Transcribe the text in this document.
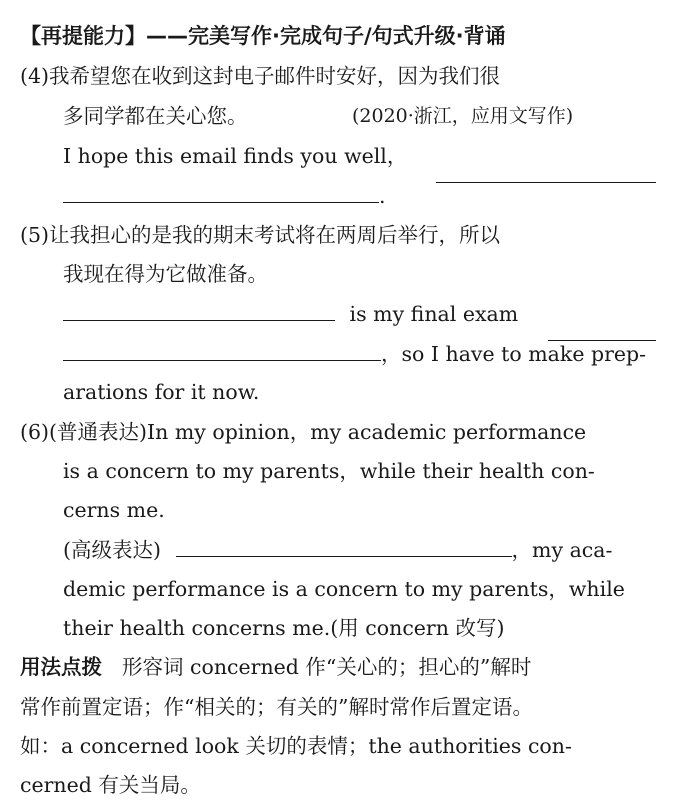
【再提能力】——完美写作·完成句子/句式升级·背诵
(4)我希望您在收到这封电子邮件时安好，因为我们很
多同学都在关心您。	(2020·浙江，应用文写作)
I hope this email finds you well，
.
(5)让我担心的是我的期末考试将在两周后举行，所以
我现在得为它做准备。
is my final exam
，so I have to make prep-
arations for it now.
(6)(普通表达)In my opinion，my academic performance
is a concern to my parents，while their health con-
cerns me.
(高级表达)	，my aca-
demic performance is a concern to my parents，while
their health concerns me.(用 concern 改写)
用法点拨 形容词 concerned 作“关心的；担心的”解时
常作前置定语；作“相关的；有关的”解时常作后置定语。
如：a concerned look 关切的表情；the authorities con-
cerned 有关当局。
